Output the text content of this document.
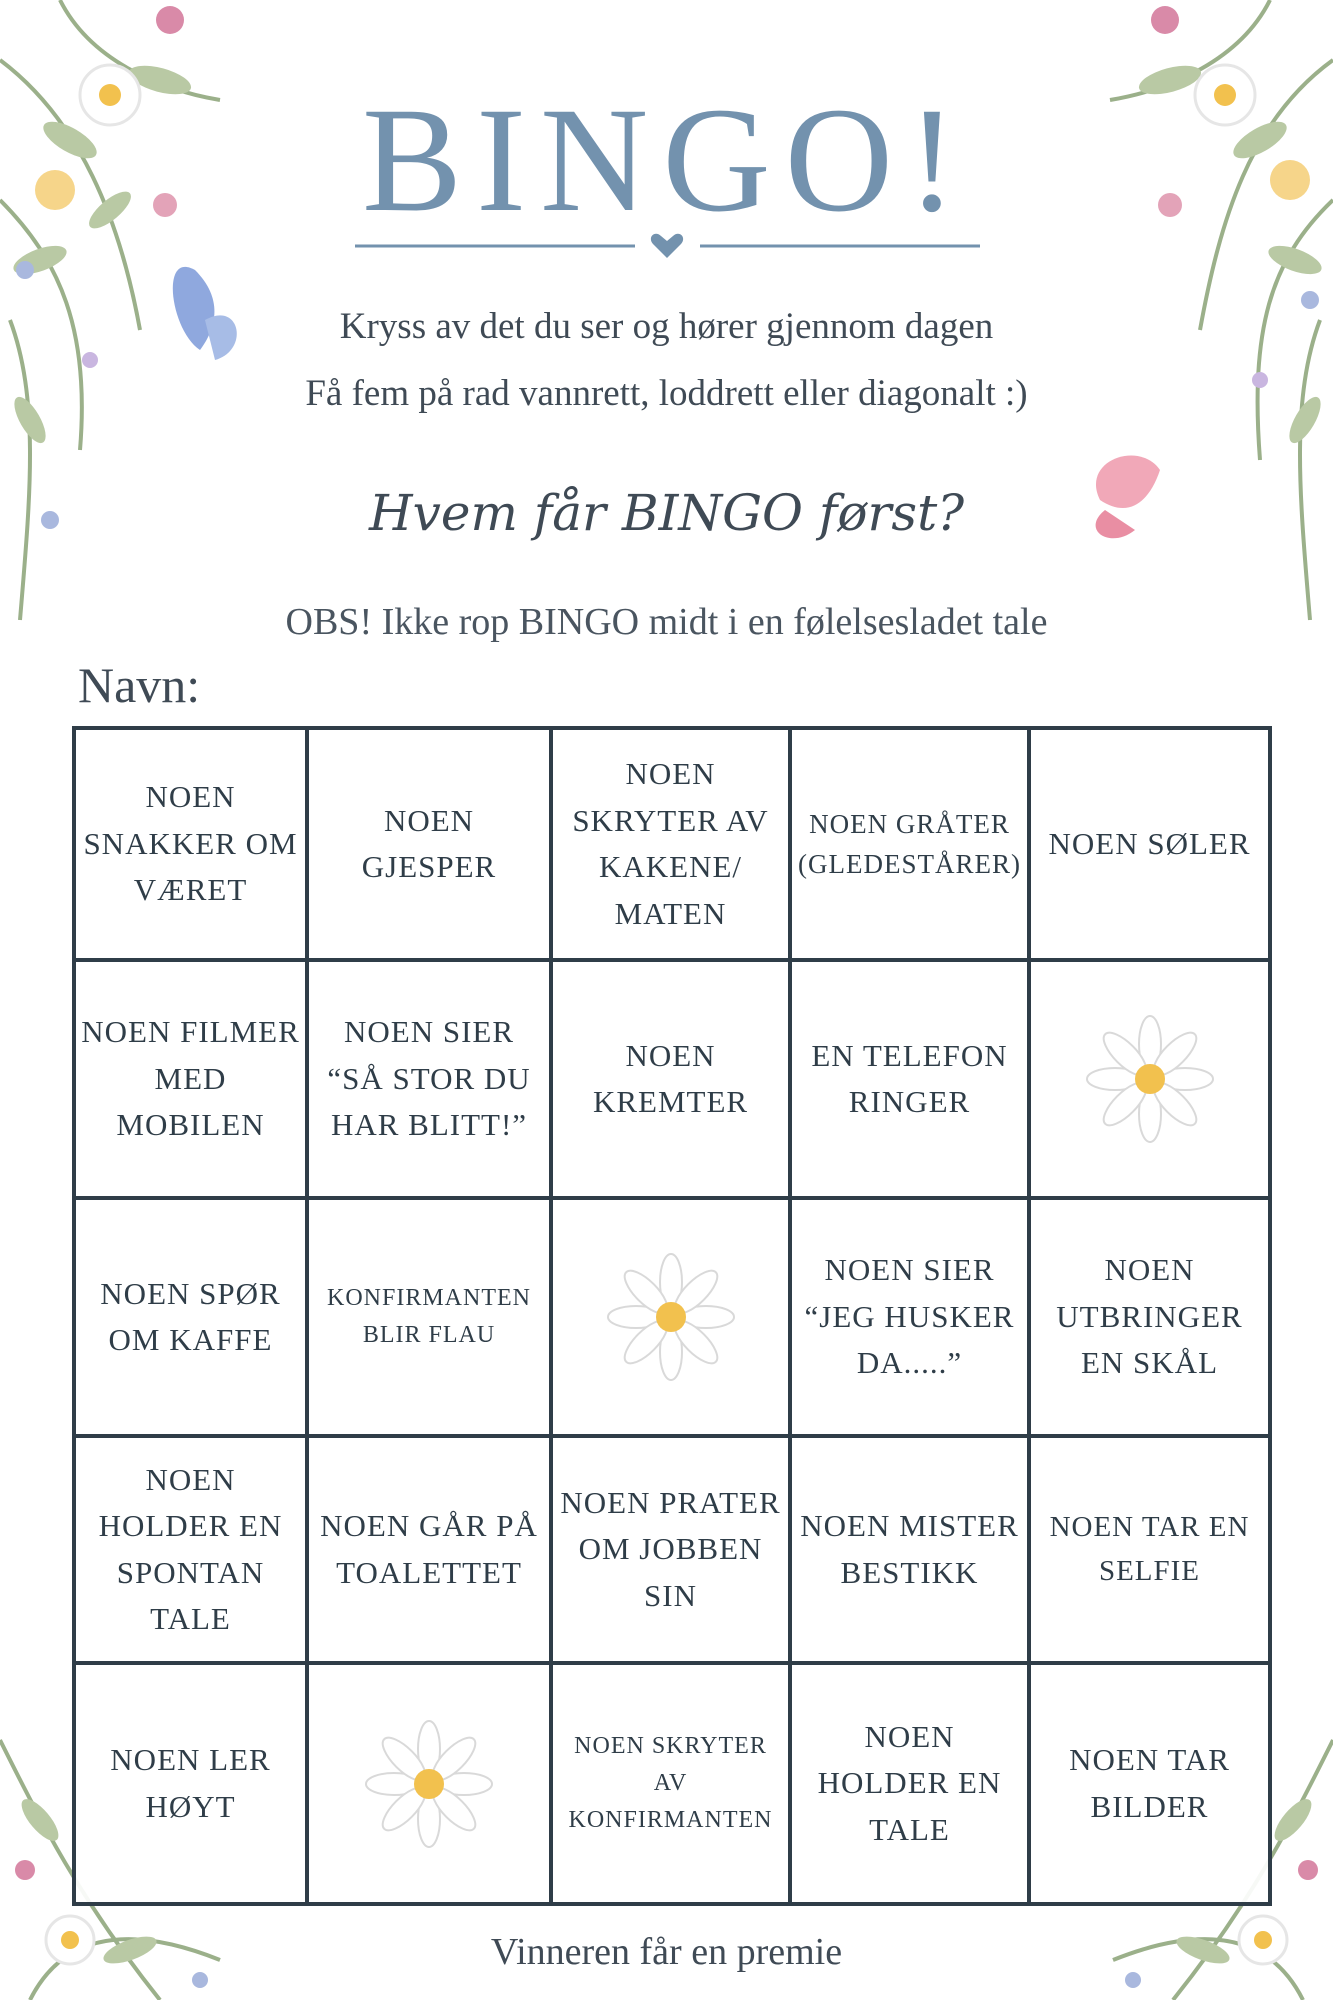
BINGO!
Kryss av det du ser og hører gjennom dagen
Få fem på rad vannrett, loddrett eller diagonalt :)
Hvem får BINGO først?
OBS! Ikke rop BINGO midt i en følelsesladet tale
Navn:
NOEN SNAKKER OM VÆRET
NOEN GJESPER
NOEN SKRYTER AV KAKENE/ MATEN
NOEN GRÅTER (GLEDESTÅRER)
NOEN SØLER
NOEN FILMER MED MOBILEN
NOEN SIER “SÅ STOR DU HAR BLITT!”
NOEN KREMTER
EN TELEFON RINGER
NOEN SPØR OM KAFFE
KONFIRMANTEN BLIR FLAU
NOEN SIER “JEG HUSKER DA.....”
NOEN UTBRINGER EN SKÅL
NOEN HOLDER EN SPONTAN TALE
NOEN GÅR PÅ TOALETTET
NOEN PRATER OM JOBBEN SIN
NOEN MISTER BESTIKK
NOEN TAR EN SELFIE
NOEN LER HØYT
NOEN SKRYTER AV KONFIRMANTEN
NOEN HOLDER EN TALE
NOEN TAR BILDER
Vinneren får en premie
